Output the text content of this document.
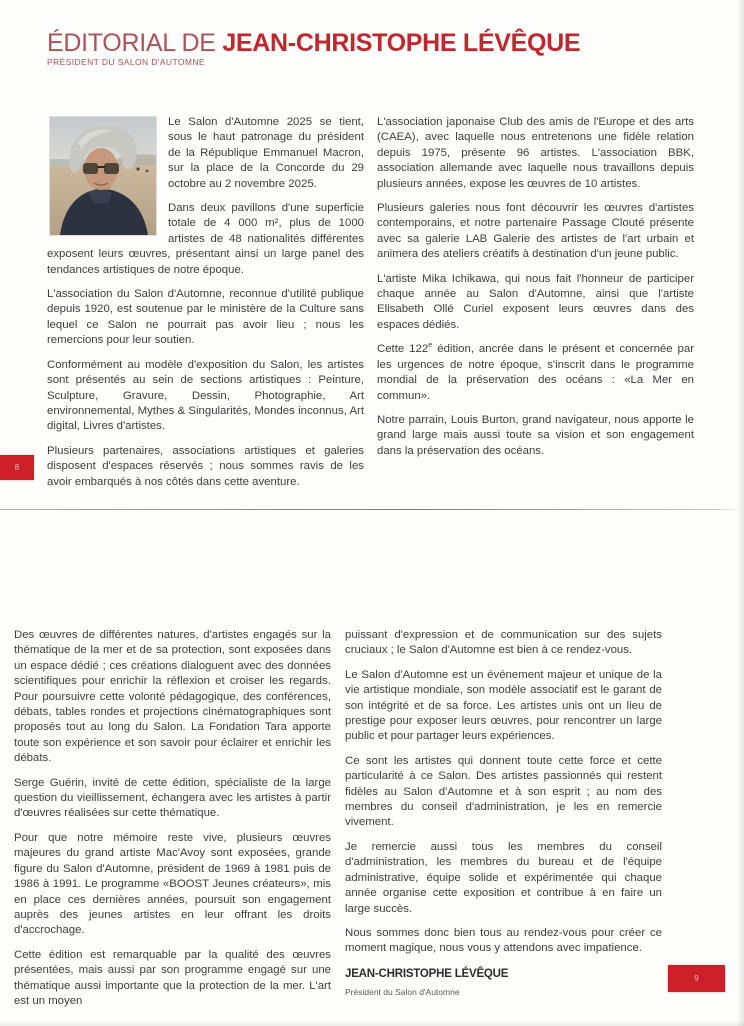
ÉDITORIAL DE JEAN-CHRISTOPHE LÉVÊQUE
PRÉSIDENT DU SALON D'AUTOMNE

Le Salon d'Automne 2025 se tient, sous le haut patronage du président de la République Emmanuel Macron, sur la place de la Concorde du 29 octobre au 2 novembre 2025.

Dans deux pavillons d'une superficie totale de 4 000 m², plus de 1000 artistes de 48 nationalités différentes exposent leurs œuvres, présentant ainsi un large panel des tendances artistiques de notre époque.

L'association du Salon d'Automne, reconnue d'utilité publique depuis 1920, est soutenue par le ministère de la Culture sans lequel ce Salon ne pourrait pas avoir lieu ; nous les remercions pour leur soutien.

Conformément au modèle d'exposition du Salon, les artistes sont présentés au sein de sections artistiques : Peinture, Sculpture, Gravure, Dessin, Photographie, Art environnemental, Mythes & Singularités, Mondes inconnus, Art digital, Livres d'artistes.

Plusieurs partenaires, associations artistiques et galeries disposent d'espaces réservés ; nous sommes ravis de les avoir embarqués à nos côtés dans cette aventure.

L'association japonaise Club des amis de l'Europe et des arts (CAEA), avec laquelle nous entretenons une fidèle relation depuis 1975, présente 96 artistes. L'association BBK, association allemande avec laquelle nous travaillons depuis plusieurs années, expose les œuvres de 10 artistes.

Plusieurs galeries nous font découvrir les œuvres d'artistes contemporains, et notre partenaire Passage Clouté présente avec sa galerie LAB Galerie des artistes de l'art urbain et animera des ateliers créatifs à destination d'un jeune public.

L'artiste Mika Ichikawa, qui nous fait l'honneur de participer chaque année au Salon d'Automne, ainsi que l'artiste Elisabeth Ollé Curiel exposent leurs œuvres dans des espaces dédiés.

Cette 122e édition, ancrée dans le présent et concernée par les urgences de notre époque, s'inscrit dans le programme mondial de la préservation des océans : «La Mer en commun».

Notre parrain, Louis Burton, grand navigateur, nous apporte le grand large mais aussi toute sa vision et son engagement dans la préservation des océans.

8

Des œuvres de différentes natures, d'artistes engagés sur la thématique de la mer et de sa protection, sont exposées dans un espace dédié ; ces créations dialoguent avec des données scientifiques pour enrichir la réflexion et croiser les regards. Pour poursuivre cette volonté pédagogique, des conférences, débats, tables rondes et projections cinématographiques sont proposés tout au long du Salon. La Fondation Tara apporte toute son expérience et son savoir pour éclairer et enrichir les débats.

Serge Guérin, invité de cette édition, spécialiste de la large question du vieillissement, échangera avec les artistes à partir d'œuvres réalisées sur cette thématique.

Pour que notre mémoire reste vive, plusieurs œuvres majeures du grand artiste Mac'Avoy sont exposées, grande figure du Salon d'Automne, président de 1969 à 1981 puis de 1986 à 1991. Le programme «BOOST Jeunes créateurs», mis en place ces dernières années, poursuit son engagement auprès des jeunes artistes en leur offrant les droits d'accrochage.

Cette édition est remarquable par la qualité des œuvres présentées, mais aussi par son programme engagé sur une thématique aussi importante que la protection de la mer. L'art est un moyen

puissant d'expression et de communication sur des sujets cruciaux ; le Salon d'Automne est bien à ce rendez-vous.

Le Salon d'Automne est un événement majeur et unique de la vie artistique mondiale, son modèle associatif est le garant de son intégrité et de sa force. Les artistes unis ont un lieu de prestige pour exposer leurs œuvres, pour rencontrer un large public et pour partager leurs expériences.

Ce sont les artistes qui donnent toute cette force et cette particularité à ce Salon. Des artistes passionnés qui restent fidèles au Salon d'Automne et à son esprit ; au nom des membres du conseil d'administration, je les en remercie vivement.

Je remercie aussi tous les membres du conseil d'administration, les membres du bureau et de l'équipe administrative, équipe solide et expérimentée qui chaque année organise cette exposition et contribue à en faire un large succès.

Nous sommes donc bien tous au rendez-vous pour créer ce moment magique, nous vous y attendons avec impatience.

JEAN-CHRISTOPHE LÉVÊQUE
Président du Salon d'Automne
9
